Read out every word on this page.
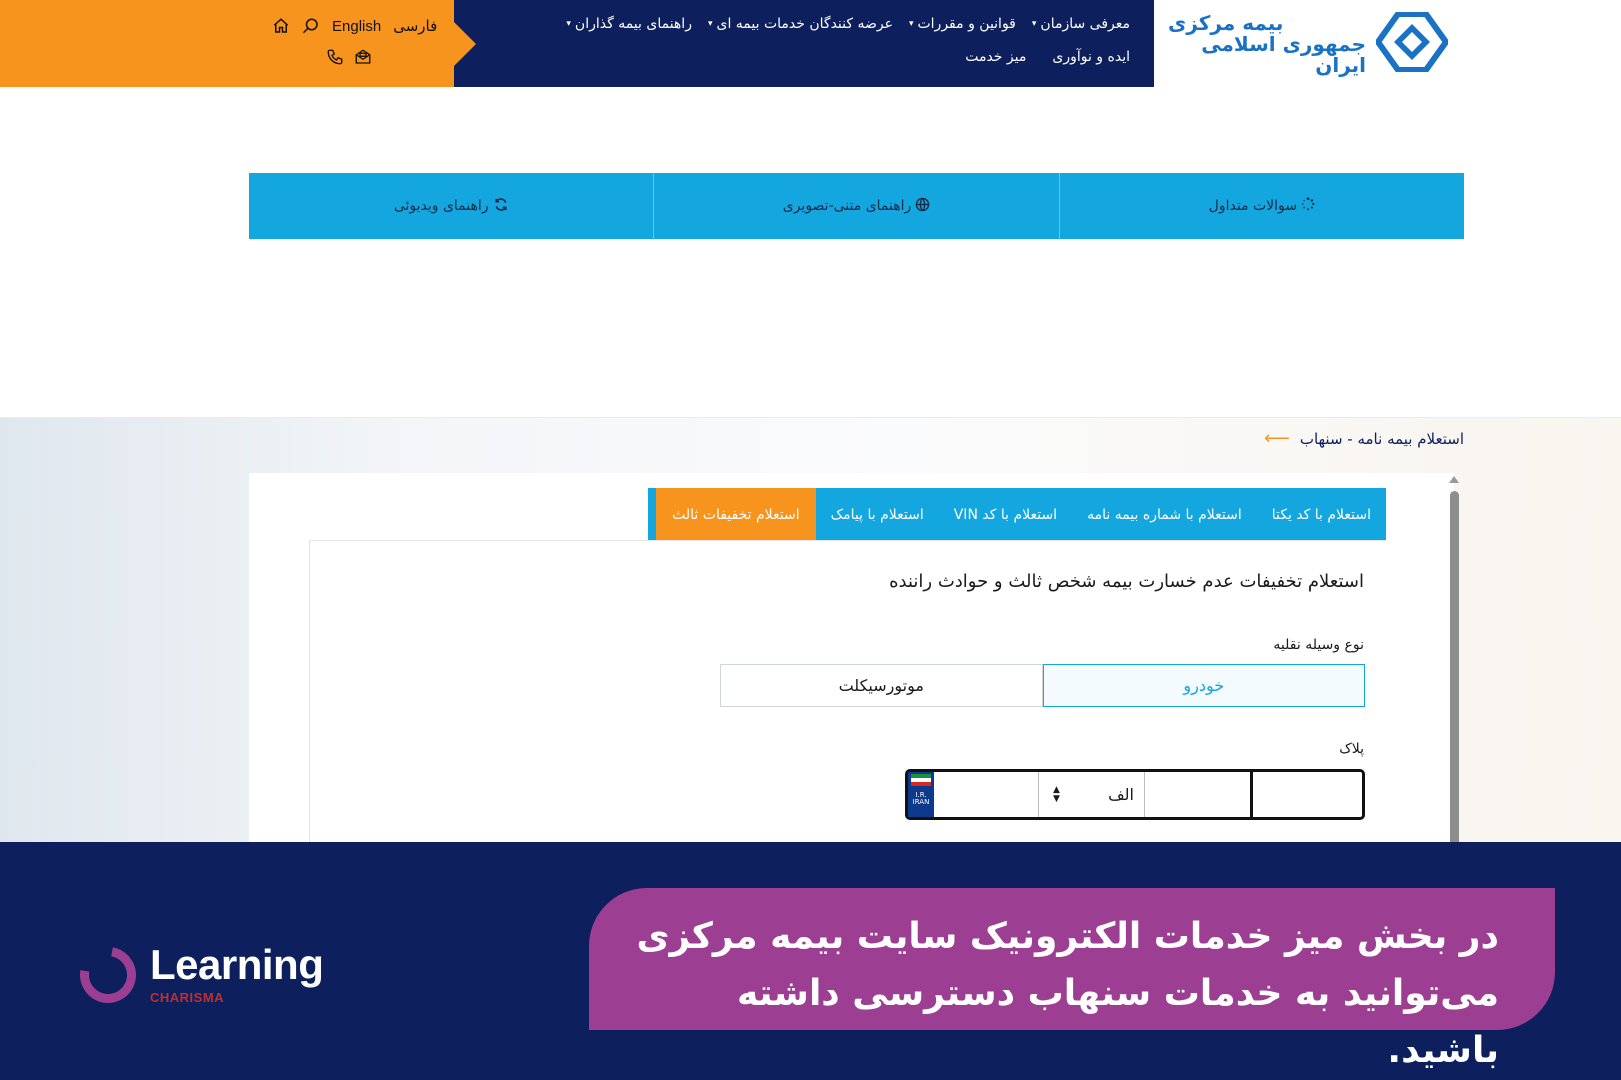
English فارسی	معرفی سازمان
▾
قوانین و مقررات
▾
عرضه کنندگان خدمات بیمه ای
▾
راهنمای بیمه گذاران
▾
ایده و نوآوری
میز خدمت
بیمه مرکزی
جمهوری اسلامی ایران
سوالات متداول
راهنمای متنی-تصویری
راهنمای ویدیوئی
استعلام بیمه نامه - سنهاب
⟵
استعلام با کد یکتا
استعلام با شماره بیمه نامه
استعلام با کد VIN
استعلام با پیامک
استعلام تخفیفات ثالث
استعلام تخفیفات عدم خسارت بیمه شخص ثالث و حوادث راننده
نوع وسیله نقلیه
خودرو
موتورسیکلت
پلاک
I.R. IRAN	الف
▲
▼
در بخش میز خدمات الکترونیک سایت بیمه مرکزی
می‌توانید به خدمات سنهاب دسترسی داشته باشید.
Learning
CHARISMA
